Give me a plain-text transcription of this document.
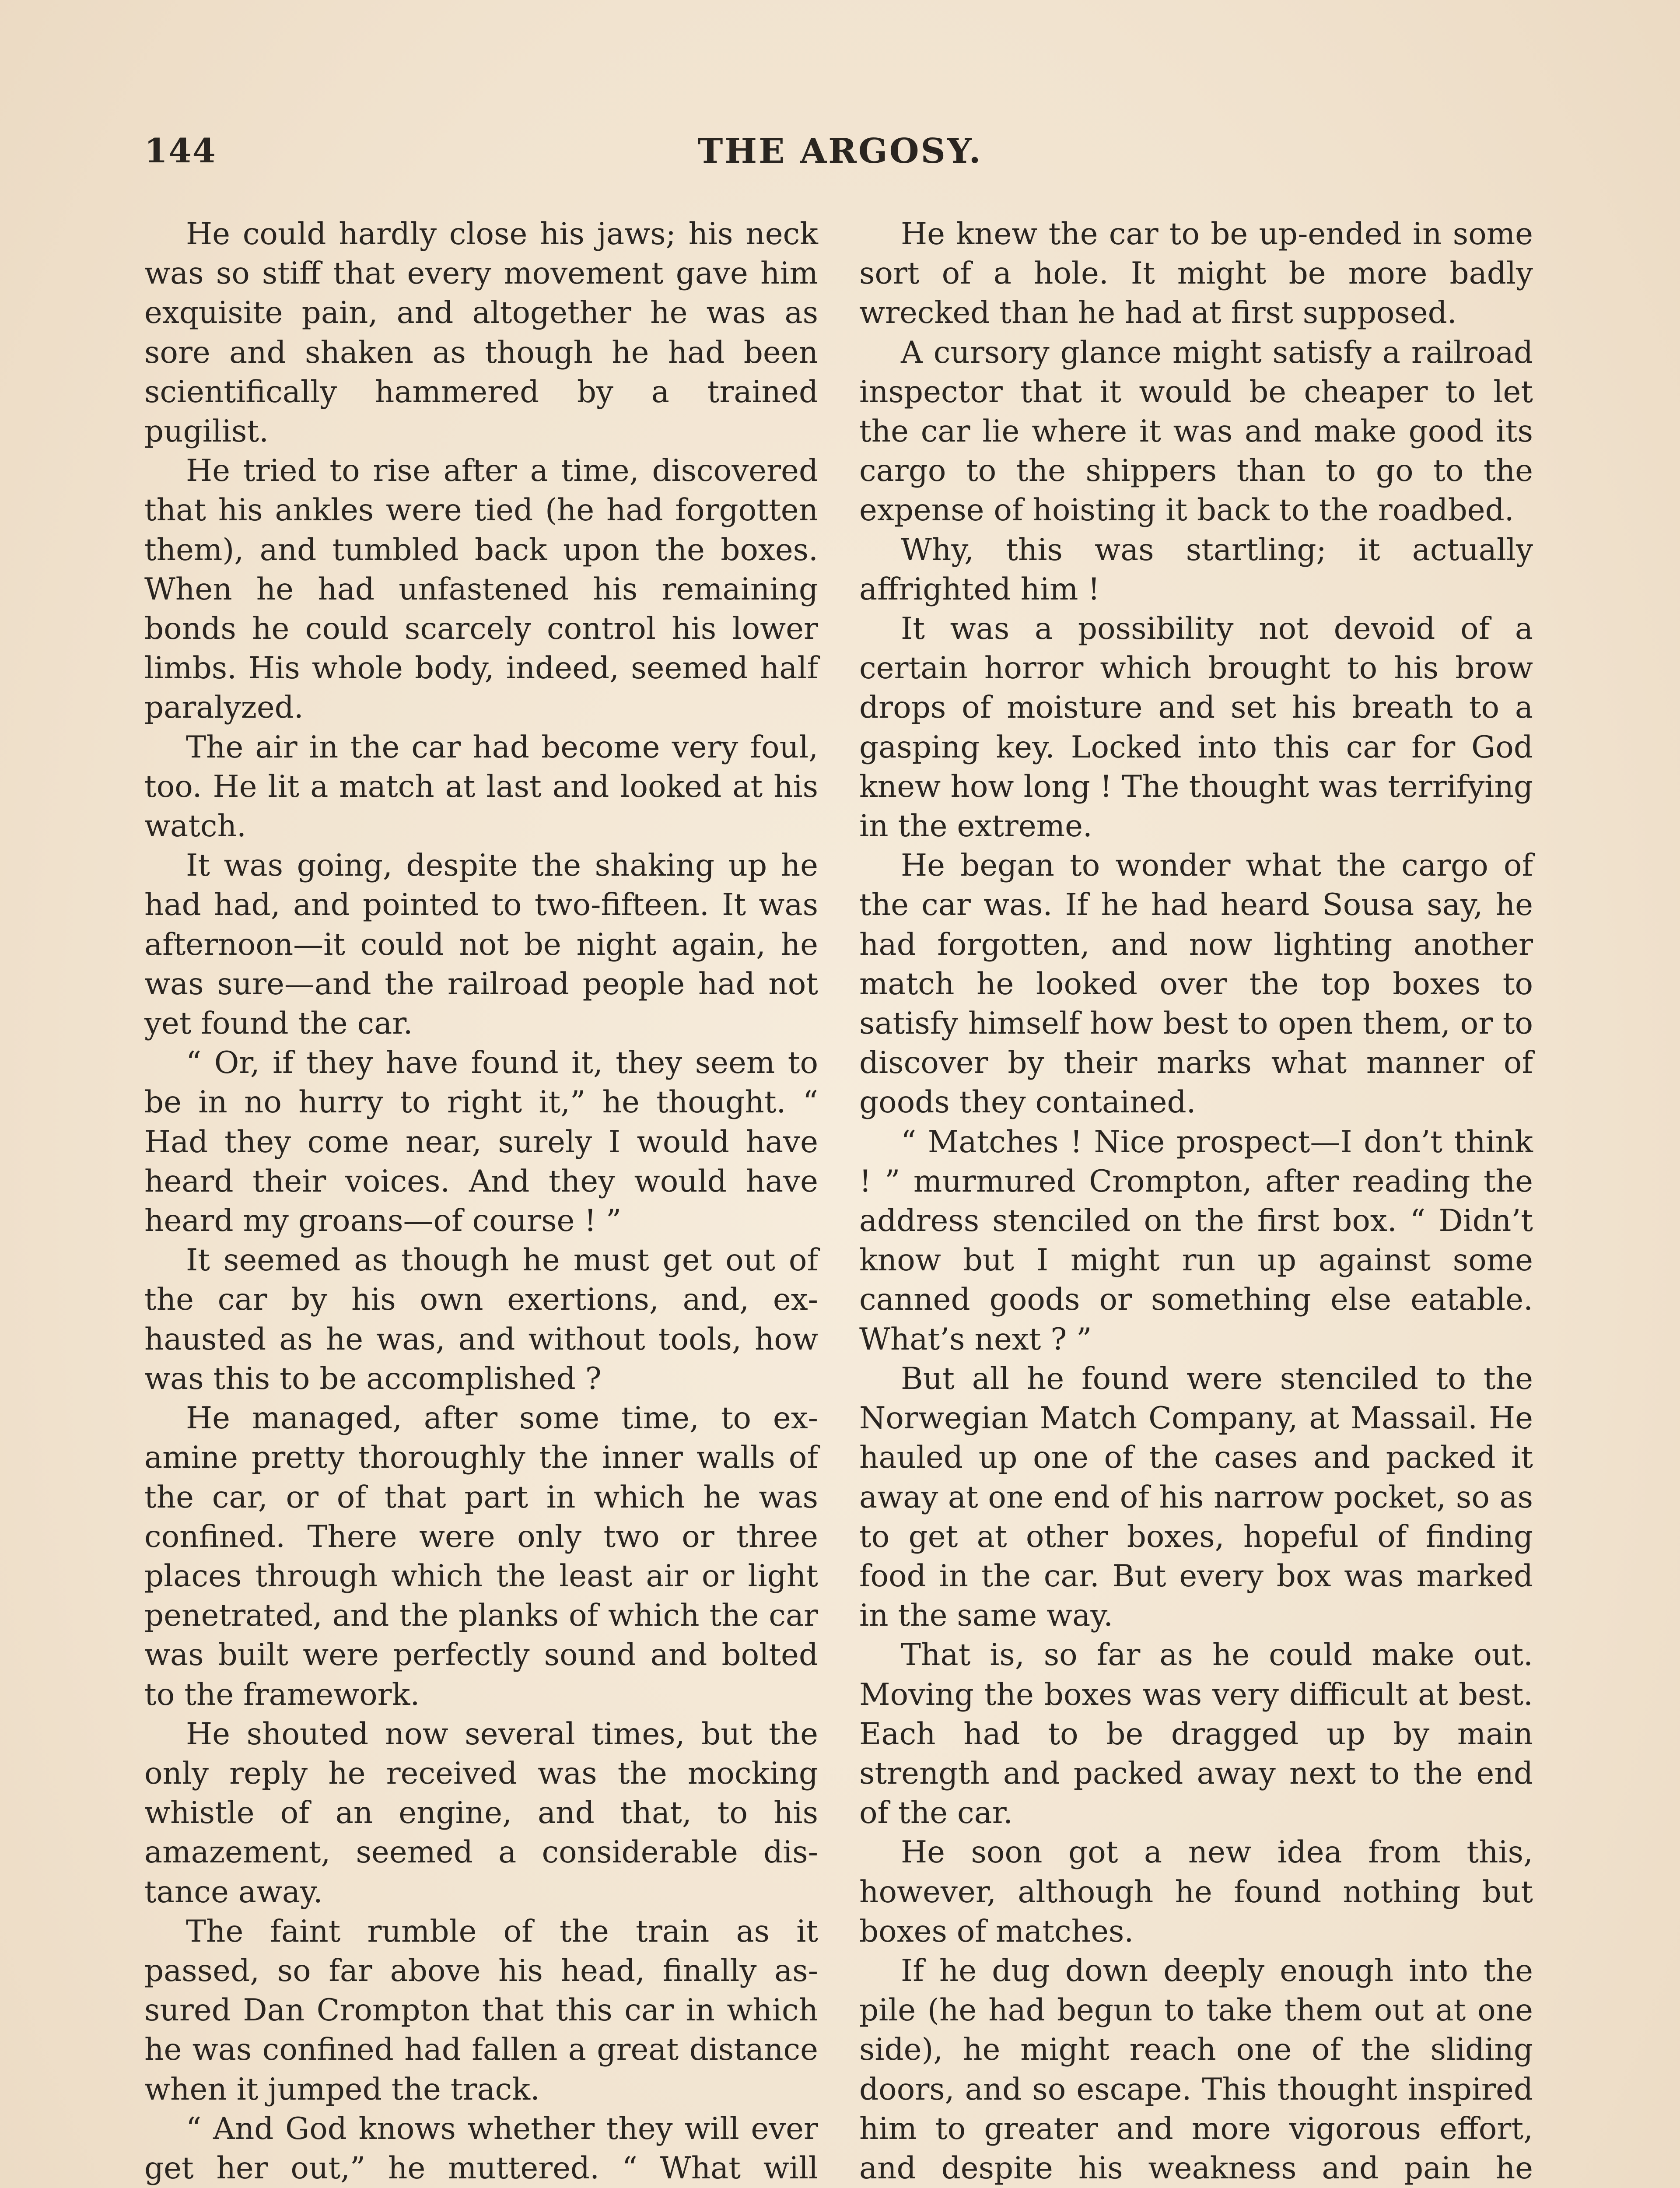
144	THE ARGOSY.

He could hardly close his jaws; his neck was so stiff that every movement gave him exquisite pain, and altogether he was as sore and shaken as though he had been scientifically hammered by a trained pugilist.

He tried to rise after a time, discovered that his ankles were tied (he had forgotten them), and tumbled back upon the boxes. When he had unfastened his remaining bonds he could scarcely control his lower limbs. His whole body, indeed, seemed half paralyzed.

The air in the car had become very foul, too. He lit a match at last and looked at his watch.

It was going, despite the shaking up he had had, and pointed to two-fifteen. It was afternoon—it could not be night again, he was sure—and the railroad people had not yet found the car.

“ Or, if they have found it, they seem to be in no hurry to right it,” he thought. “ Had they come near, surely I would have heard their voices. And they would have heard my groans—of course ! ”

It seemed as though he must get out of the car by his own exertions, and, exhausted as he was, and without tools, how was this to be accomplished ?

He managed, after some time, to examine pretty thoroughly the inner walls of the car, or of that part in which he was confined. There were only two or three places through which the least air or light penetrated, and the planks of which the car was built were perfectly sound and bolted to the framework.

He shouted now several times, but the only reply he received was the mocking whistle of an engine, and that, to his amazement, seemed a considerable distance away.

The faint rumble of the train as it passed, so far above his head, finally assured Dan Crompton that this car in which he was confined had fallen a great distance when it jumped the track.

“ And God knows whether they will ever get her out,” he muttered. “ What will

He knew the car to be up-ended in some sort of a hole. It might be more badly wrecked than he had at first supposed.

A cursory glance might satisfy a railroad inspector that it would be cheaper to let the car lie where it was and make good its cargo to the shippers than to go to the expense of hoisting it back to the roadbed.

Why, this was startling; it actually affrighted him !

It was a possibility not devoid of a certain horror which brought to his brow drops of moisture and set his breath to a gasping key. Locked into this car for God knew how long ! The thought was terrifying in the extreme.

He began to wonder what the cargo of the car was. If he had heard Sousa say, he had forgotten, and now lighting another match he looked over the top boxes to satisfy himself how best to open them, or to discover by their marks what manner of goods they contained.

“ Matches ! Nice prospect—I don’t think ! ” murmured Crompton, after reading the address stenciled on the first box. “ Didn’t know but I might run up against some canned goods or something else eatable. What’s next ? ”

But all he found were stenciled to the Norwegian Match Company, at Massail. He hauled up one of the cases and packed it away at one end of his narrow pocket, so as to get at other boxes, hopeful of finding food in the car. But every box was marked in the same way.

That is, so far as he could make out. Moving the boxes was very difficult at best. Each had to be dragged up by main strength and packed away next to the end of the car.

He soon got a new idea from this, however, although he found nothing but boxes of matches.

If he dug down deeply enough into the pile (he had begun to take them out at one side), he might reach one of the sliding doors, and so escape. This thought inspired him to greater and more vigorous effort, and despite his weakness and pain he
